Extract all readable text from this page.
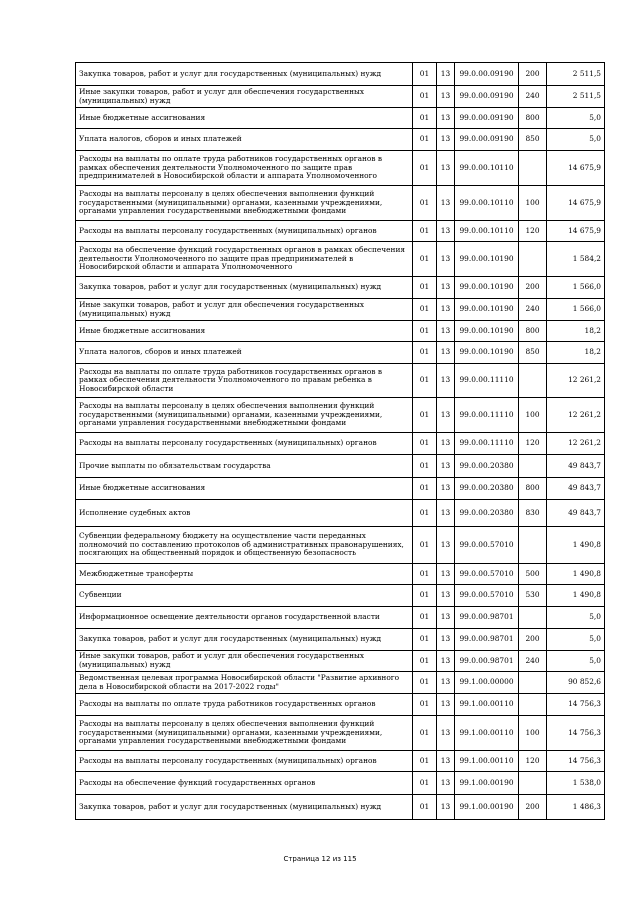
Закупка товаров, работ и услуг для государственных (муниципальных) нужд	01	13	99.0.00.09190	200	2 511,5
Иные закупки товаров, работ и услуг для обеспечения государственных (муниципальных) нужд	01	13	99.0.00.09190	240	2 511,5
Иные бюджетные ассигнования	01	13	99.0.00.09190	800	5,0
Уплата налогов, сборов и иных платежей	01	13	99.0.00.09190	850	5,0
Расходы на выплаты по оплате труда работников государственных органов в рамках обеспечения деятельности Уполномоченного по защите прав предпринимателей в Новосибирской области и аппарата Уполномоченного	01	13	99.0.00.10110		14 675,9
Расходы на выплаты персоналу в целях обеспечения выполнения функций государственными (муниципальными) органами, казенными учреждениями, органами управления государственными внебюджетными фондами	01	13	99.0.00.10110	100	14 675,9
Расходы на выплаты персоналу государственных (муниципальных) органов	01	13	99.0.00.10110	120	14 675,9
Расходы на обеспечение функций государственных органов в рамках обеспечения деятельности Уполномоченного по защите прав предпринимателей в Новосибирской области и аппарата Уполномоченного	01	13	99.0.00.10190		1 584,2
Закупка товаров, работ и услуг для государственных (муниципальных) нужд	01	13	99.0.00.10190	200	1 566,0
Иные закупки товаров, работ и услуг для обеспечения государственных (муниципальных) нужд	01	13	99.0.00.10190	240	1 566,0
Иные бюджетные ассигнования	01	13	99.0.00.10190	800	18,2
Уплата налогов, сборов и иных платежей	01	13	99.0.00.10190	850	18,2
Расходы на выплаты по оплате труда работников государственных органов в рамках обеспечения деятельности Уполномоченного по правам ребенка в Новосибирской области	01	13	99.0.00.11110		12 261,2
Расходы на выплаты персоналу в целях обеспечения выполнения функций государственными (муниципальными) органами, казенными учреждениями, органами управления государственными внебюджетными фондами	01	13	99.0.00.11110	100	12 261,2
Расходы на выплаты персоналу государственных (муниципальных) органов	01	13	99.0.00.11110	120	12 261,2
Прочие выплаты по обязательствам государства	01	13	99.0.00.20380		49 843,7
Иные бюджетные ассигнования	01	13	99.0.00.20380	800	49 843,7
Исполнение судебных актов	01	13	99.0.00.20380	830	49 843,7
Субвенции федеральному бюджету на осуществление части переданных полномочий по составлению протоколов об административных правонарушениях, посягающих на общественный порядок и общественную безопасность	01	13	99.0.00.57010		1 490,8
Межбюджетные трансферты	01	13	99.0.00.57010	500	1 490,8
Субвенции	01	13	99.0.00.57010	530	1 490,8
Информационное освещение деятельности органов государственной власти	01	13	99.0.00.98701		5,0
Закупка товаров, работ и услуг для государственных (муниципальных) нужд	01	13	99.0.00.98701	200	5,0
Иные закупки товаров, работ и услуг для обеспечения государственных (муниципальных) нужд	01	13	99.0.00.98701	240	5,0
Ведомственная целевая программа Новосибирской области "Развитие архивного дела в Новосибирской области на 2017-2022 годы"	01	13	99.1.00.00000		90 852,6
Расходы на выплаты по оплате труда работников государственных органов	01	13	99.1.00.00110		14 756,3
Расходы на выплаты персоналу в целях обеспечения выполнения функций государственными (муниципальными) органами, казенными учреждениями, органами управления государственными внебюджетными фондами	01	13	99.1.00.00110	100	14 756,3
Расходы на выплаты персоналу государственных (муниципальных) органов	01	13	99.1.00.00110	120	14 756,3
Расходы на обеспечение функций государственных органов	01	13	99.1.00.00190		1 538,0
Закупка товаров, работ и услуг для государственных (муниципальных) нужд	01	13	99.1.00.00190	200	1 486,3
Страница 12 из 115
